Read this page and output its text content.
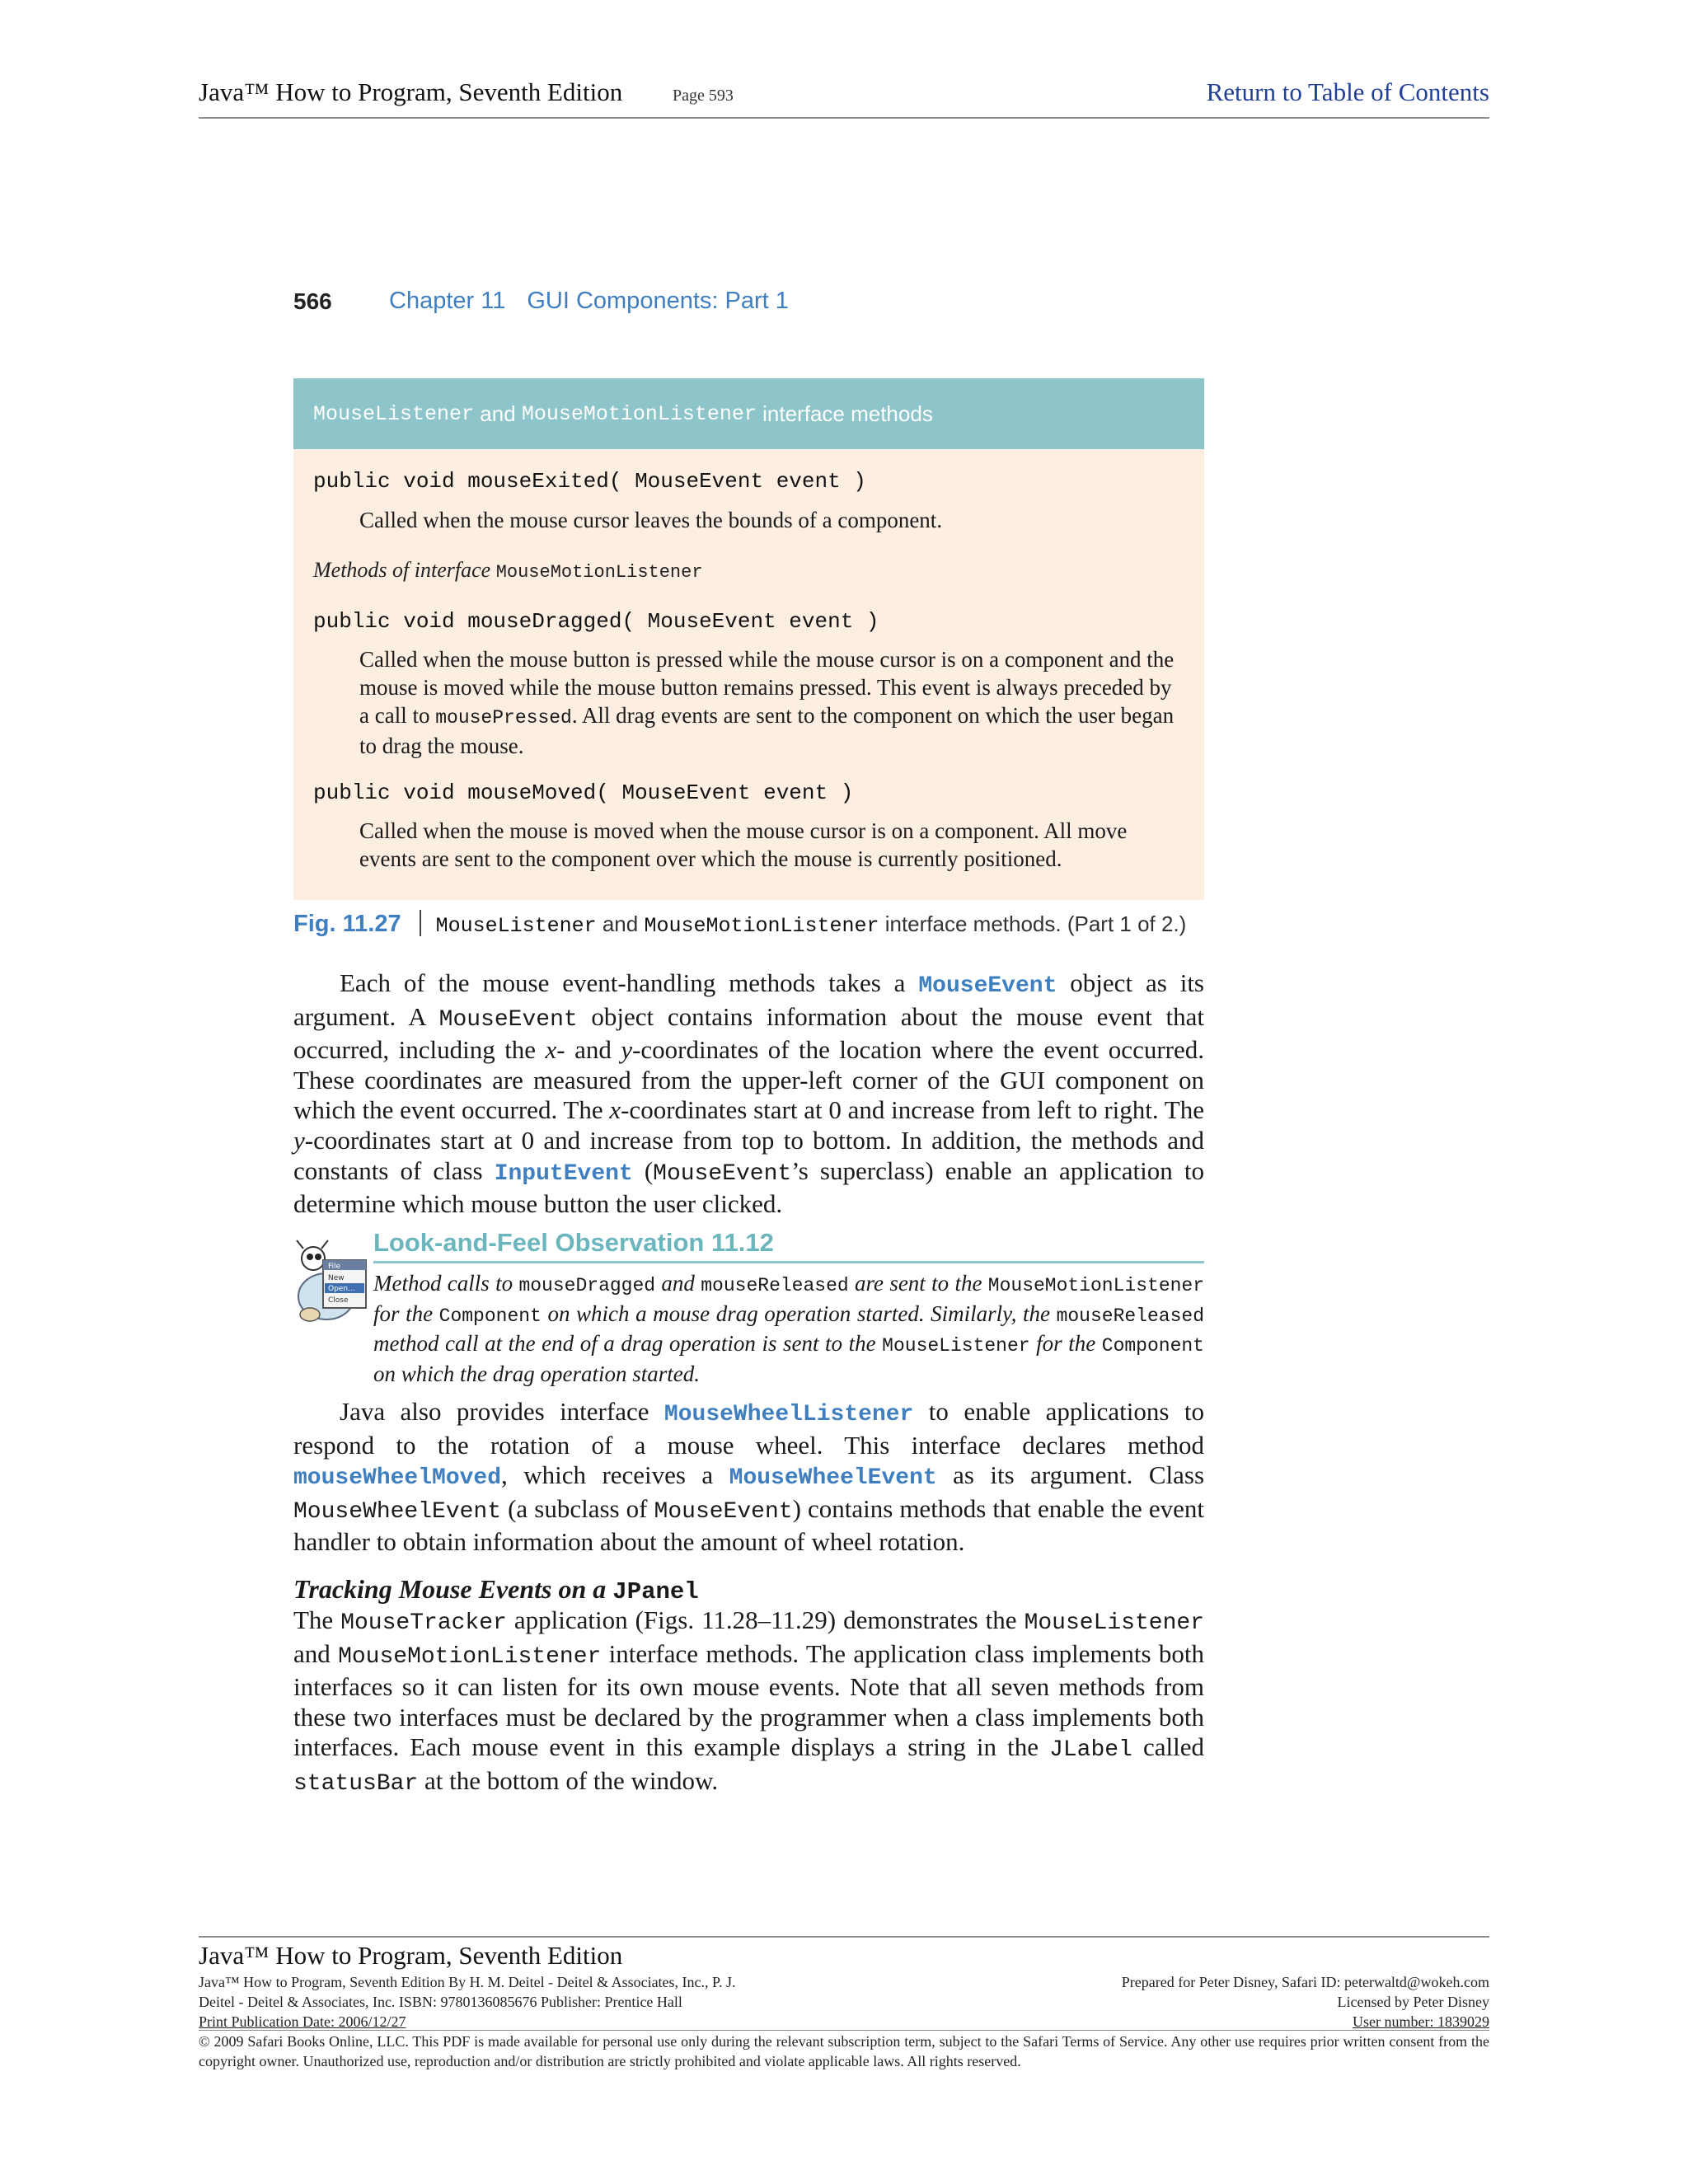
Java™ How to Program, Seventh Edition	Page 593	Return to Table of Contents
566 Chapter 11 GUI Components: Part 1
MouseListener and MouseMotionListener interface methods
public void mouseExited( MouseEvent event )
Called when the mouse cursor leaves the bounds of a component.
Methods of interface MouseMotionListener
public void mouseDragged( MouseEvent event )
Called when the mouse button is pressed while the mouse cursor is on a component and the mouse is moved while the mouse button remains pressed. This event is always preceded by a call to mousePressed. All drag events are sent to the component on which the user began to drag the mouse.
public void mouseMoved( MouseEvent event )
Called when the mouse is moved when the mouse cursor is on a component. All move events are sent to the component over which the mouse is currently positioned.
Fig. 11.27 MouseListener and MouseMotionListener interface methods. (Part 1 of 2.)
Each of the mouse event-handling methods takes a MouseEvent object as its argument. A MouseEvent object contains information about the mouse event that occurred, including the x- and y-coordinates of the location where the event occurred. These coordinates are measured from the upper-left corner of the GUI component on which the event occurred. The x-coordinates start at 0 and increase from left to right. The y-coordinates start at 0 and increase from top to bottom. In addition, the methods and constants of class InputEvent (MouseEvent’s superclass) enable an application to determine which mouse button the user clicked.
File
New
Open...
Close
Look-and-Feel Observation 11.12
Method calls to mouseDragged and mouseReleased are sent to the MouseMotionListener for the Component on which a mouse drag operation started. Similarly, the mouseReleased method call at the end of a drag operation is sent to the MouseListener for the Component on which the drag operation started.
Java also provides interface MouseWheelListener to enable applications to respond to the rotation of a mouse wheel. This interface declares method mouseWheelMoved, which receives a MouseWheelEvent as its argument. Class MouseWheelEvent (a subclass of MouseEvent) contains methods that enable the event handler to obtain information about the amount of wheel rotation.
Tracking Mouse Events on a JPanel
The MouseTracker application (Figs. 11.28–11.29) demonstrates the MouseListener and MouseMotionListener interface methods. The application class implements both interfaces so it can listen for its own mouse events. Note that all seven methods from these two interfaces must be declared by the programmer when a class implements both interfaces. Each mouse event in this example displays a string in the JLabel called statusBar at the bottom of the window.
Java™ How to Program, Seventh Edition
Java™ How to Program, Seventh Edition By H. M. Deitel - Deitel & Associates, Inc., P. J.
Deitel - Deitel & Associates, Inc. ISBN: 9780136085676 Publisher: Prentice Hall
Print Publication Date: 2006/12/27
Prepared for Peter Disney, Safari ID: peterwaltd@wokeh.com
Licensed by Peter Disney
User number: 1839029
© 2009 Safari Books Online, LLC. This PDF is made available for personal use only during the relevant subscription term, subject to the Safari Terms of Service. Any other use requires prior written consent from the copyright owner. Unauthorized use, reproduction and/or distribution are strictly prohibited and violate applicable laws. All rights reserved.
